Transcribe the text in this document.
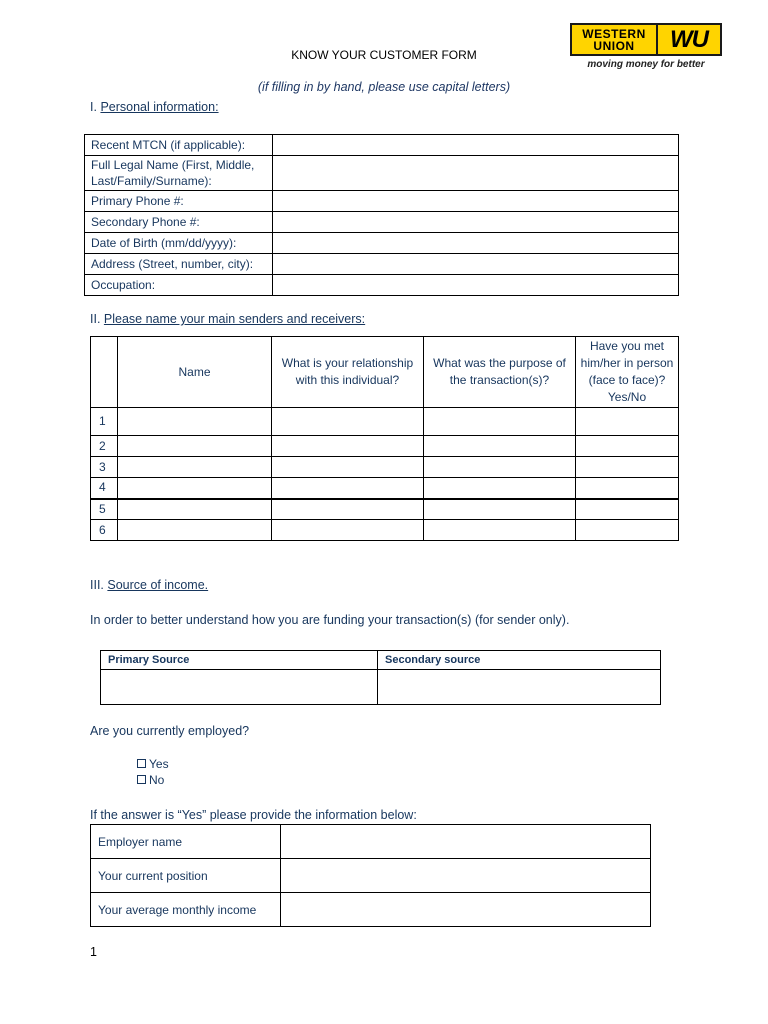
KNOW YOUR CUSTOMER FORM
(if filling in by hand, please use capital letters)
WESTERN
UNION	WU
moving money for better
I. Personal information:
Recent MTCN (if applicable):	
Full Legal Name (First, Middle, Last/Family/Surname):	
Primary Phone #:	
Secondary Phone #:	
Date of Birth (mm/dd/yyyy):	
Address (Street, number, city):	
Occupation:	
II. Please name your main senders and receivers:
	Name	What is your relationship with this individual?	What was the purpose of the transaction(s)?	Have you met him/her in person (face to face)? Yes/No
1				
2				
3				
4				
5				
6				
III. Source of income.
In order to better understand how you are funding your transaction(s) (for sender only).
Primary Source	Secondary source

Are you currently employed?
Yes
No
If the answer is “Yes” please provide the information below:
Employer name	
Your current position	
Your average monthly income	
1
